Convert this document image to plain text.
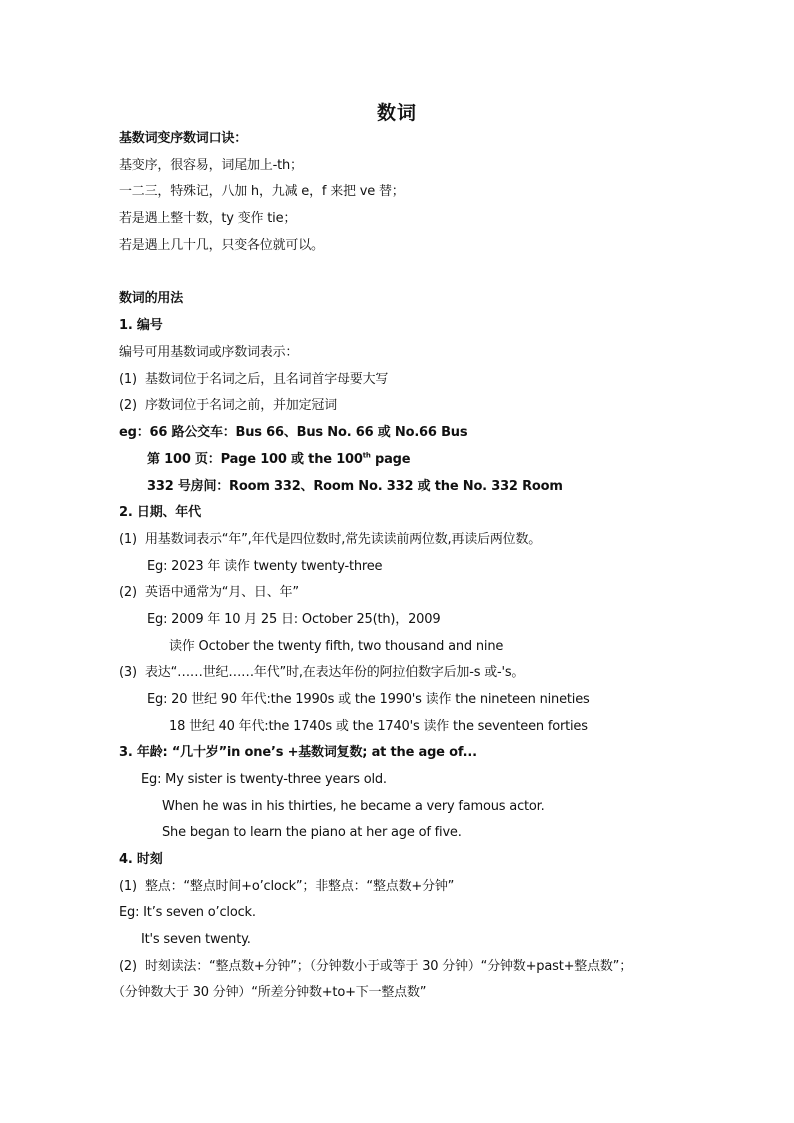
数词
基数词变序数词口诀：
基变序，很容易，词尾加上-th；
一二三，特殊记，八加 h，九减 e，f 来把 ve 替；
若是遇上整十数，ty 变作 tie；
若是遇上几十几，只变各位就可以。
数词的用法
1. 编号
编号可用基数词或序数词表示：
(1) 基数词位于名词之后，且名词首字母要大写
(2) 序数词位于名词之前，并加定冠词
eg：66 路公交车：Bus 66、Bus No. 66 或 No.66 Bus
第 100 页：Page 100 或 the 100th page
332 号房间：Room 332、Room No. 332 或 the No. 332 Room
2. 日期、年代
(1) 用基数词表示“年”,年代是四位数时,常先读读前两位数,再读后两位数。
Eg: 2023 年 读作 twenty twenty-three
(2) 英语中通常为“月、日、年”
Eg: 2009 年 10 月 25 日: October 25(th)，2009
读作 October the twenty fifth, two thousand and nine
(3) 表达“……世纪……年代”时,在表达年份的阿拉伯数字后加-s 或-'s。
Eg: 20 世纪 90 年代:the 1990s 或 the 1990's 读作 the nineteen nineties
18 世纪 40 年代:the 1740s 或 the 1740's 读作 the seventeen forties
3. 年龄: “几十岁”in one’s +基数词复数; at the age of...
Eg: My sister is twenty-three years old.
When he was in his thirties, he became a very famous actor.
She began to learn the piano at her age of five.
4. 时刻
(1) 整点：“整点时间+o’clock”；非整点：“整点数+分钟”
Eg: It’s seven o’clock.
It's seven twenty.
(2) 时刻读法：“整点数+分钟”；（分钟数小于或等于 30 分钟）“分钟数+past+整点数”；
（分钟数大于 30 分钟）“所差分钟数+to+下一整点数”
